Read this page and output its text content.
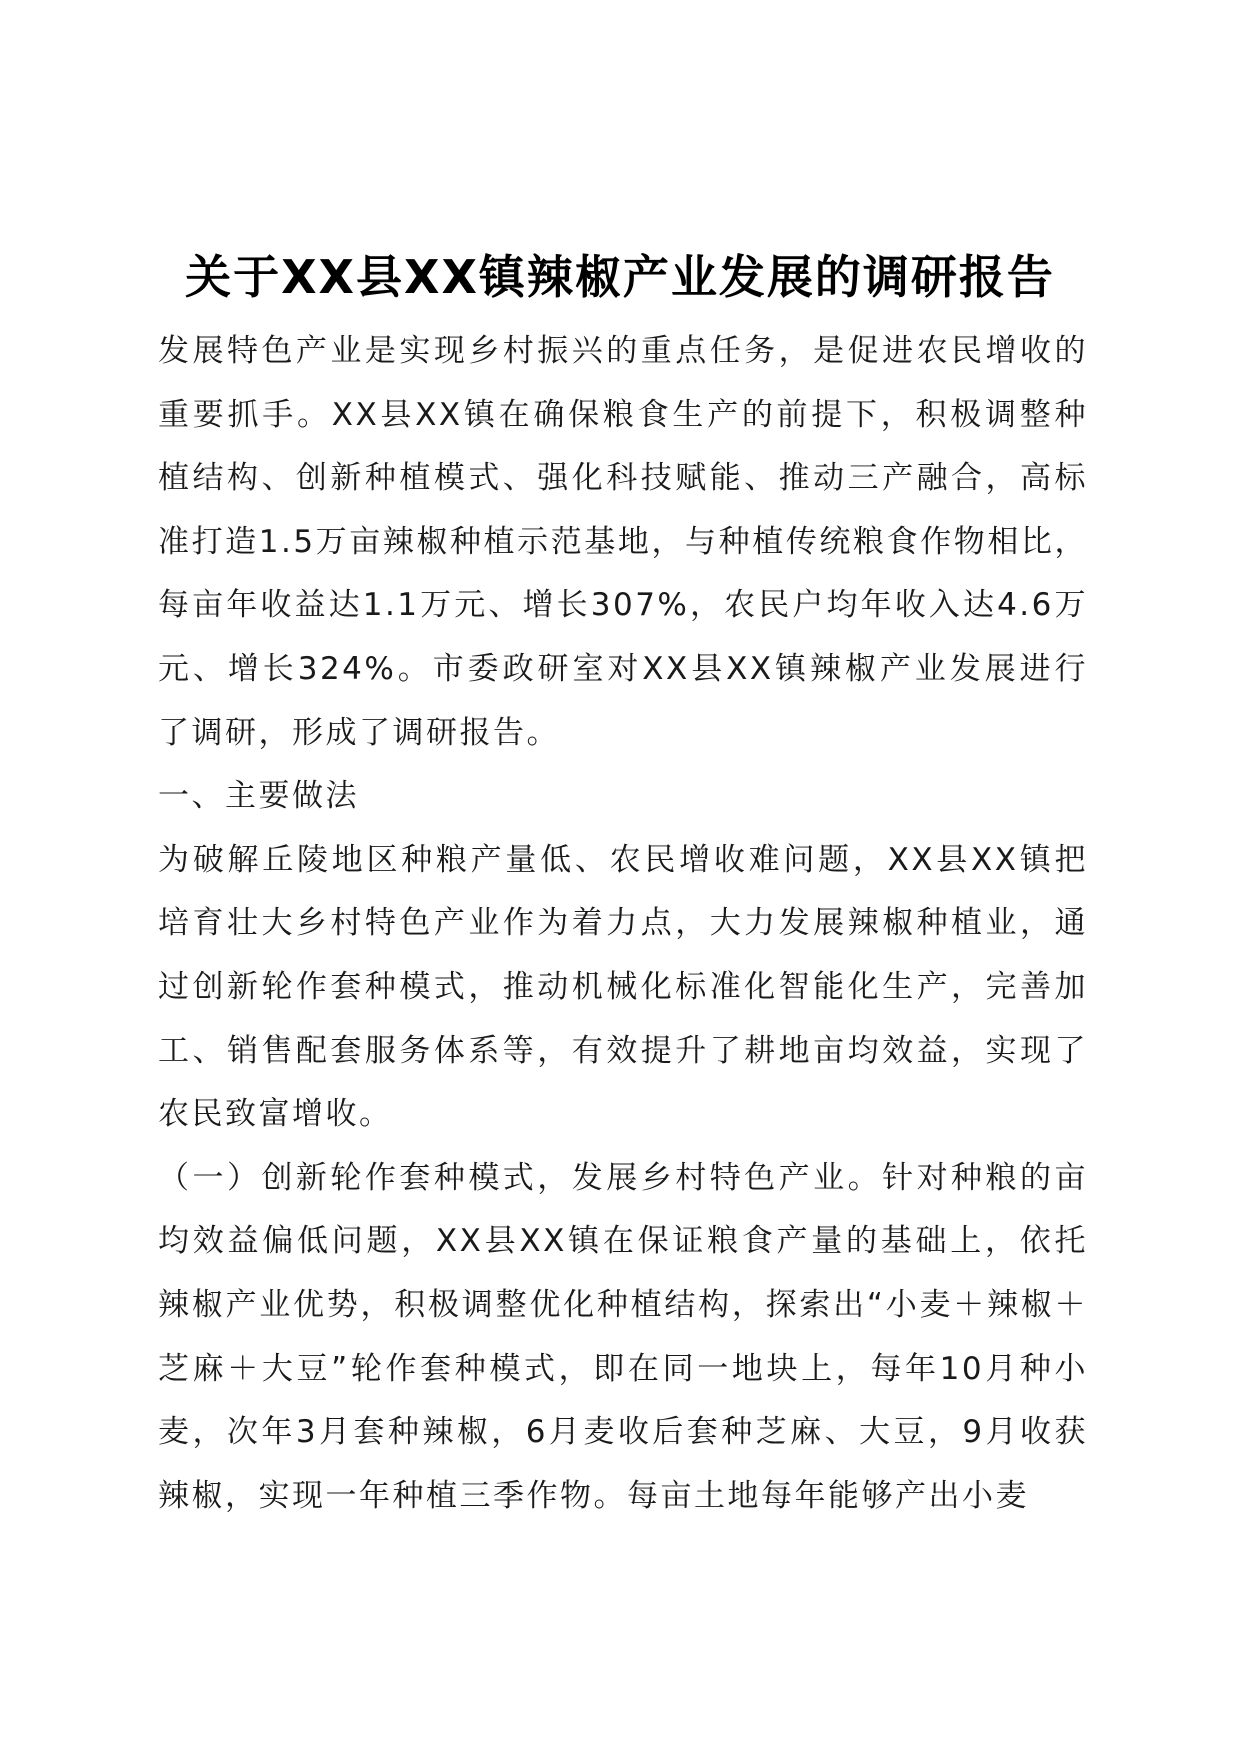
关于XX县XX镇辣椒产业发展的调研报告

发展特色产业是实现乡村振兴的重点任务，是促进农民增收的重要抓手。XX县XX镇在确保粮食生产的前提下，积极调整种植结构、创新种植模式、强化科技赋能、推动三产融合，高标准打造1.5万亩辣椒种植示范基地，与种植传统粮食作物相比，每亩年收益达1.1万元、增长307%，农民户均年收入达4.6万元、增长324%。市委政研室对XX县XX镇辣椒产业发展进行了调研，形成了调研报告。

一、主要做法

为破解丘陵地区种粮产量低、农民增收难问题，XX县XX镇把培育壮大乡村特色产业作为着力点，大力发展辣椒种植业，通过创新轮作套种模式，推动机械化标准化智能化生产，完善加工、销售配套服务体系等，有效提升了耕地亩均效益，实现了农民致富增收。

（一）创新轮作套种模式，发展乡村特色产业。针对种粮的亩均效益偏低问题，XX县XX镇在保证粮食产量的基础上，依托辣椒产业优势，积极调整优化种植结构，探索出“小麦＋辣椒＋芝麻＋大豆”轮作套种模式，即在同一地块上，每年10月种小麦，次年3月套种辣椒，6月麦收后套种芝麻、大豆，9月收获辣椒，实现一年种植三季作物。每亩土地每年能够产出小麦
